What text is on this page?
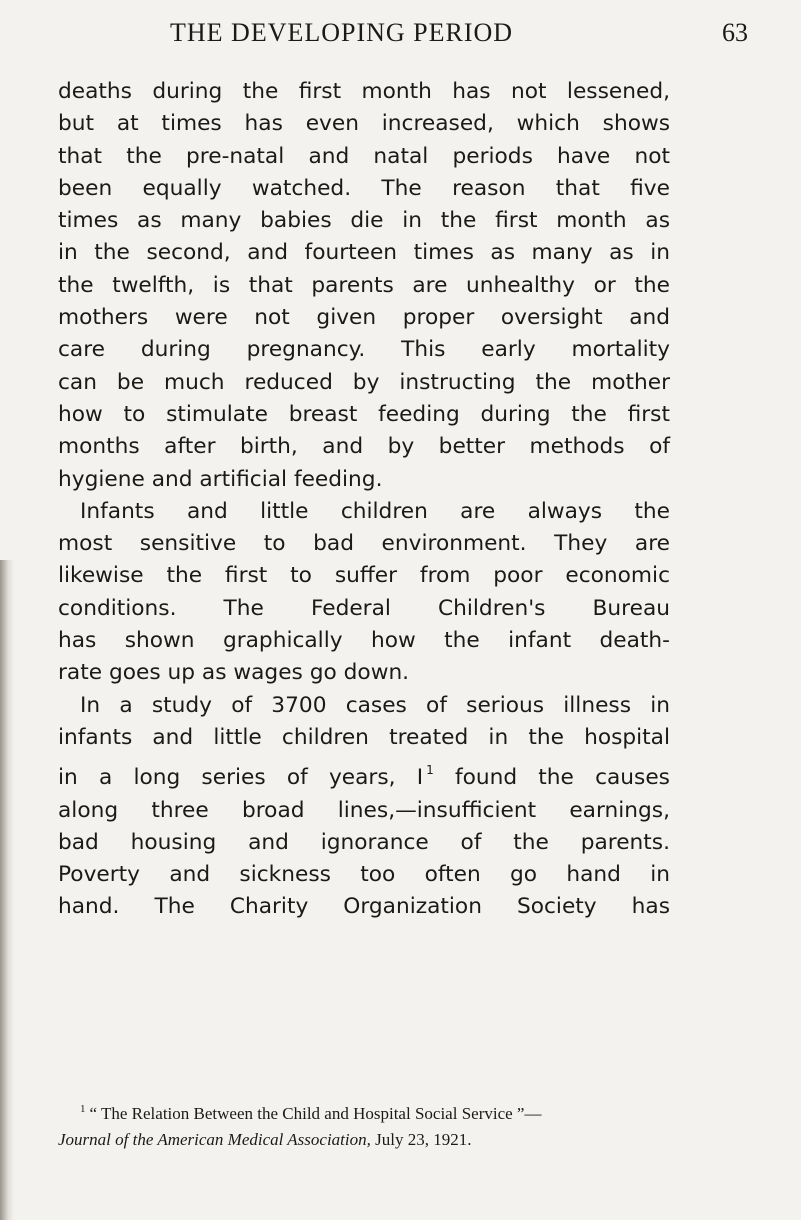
THE DEVELOPING PERIOD	63
deaths during the first month has not lessened,
but at times has even increased, which shows
that the pre-natal and natal periods have not
been equally watched. The reason that five
times as many babies die in the first month as
in the second, and fourteen times as many as in
the twelfth, is that parents are unhealthy or the
mothers were not given proper oversight and
care during pregnancy. This early mortality
can be much reduced by instructing the mother
how to stimulate breast feeding during the first
months after birth, and by better methods of
hygiene and artificial feeding.
Infants and little children are always the
most sensitive to bad environment. They are
likewise the first to suffer from poor economic
conditions. The Federal Children's Bureau
has shown graphically how the infant death-
rate goes up as wages go down.
In a study of 3700 cases of serious illness in
infants and little children treated in the hospital
in a long series of years, I $^1$ found the causes
along three broad lines,—insufficient earnings,
bad housing and ignorance of the parents.
Poverty and sickness too often go hand in
hand. The Charity Organization Society has
$^1$ “ The Relation Between the Child and Hospital Social Service ”—
Journal of the American Medical Association, July 23, 1921.
